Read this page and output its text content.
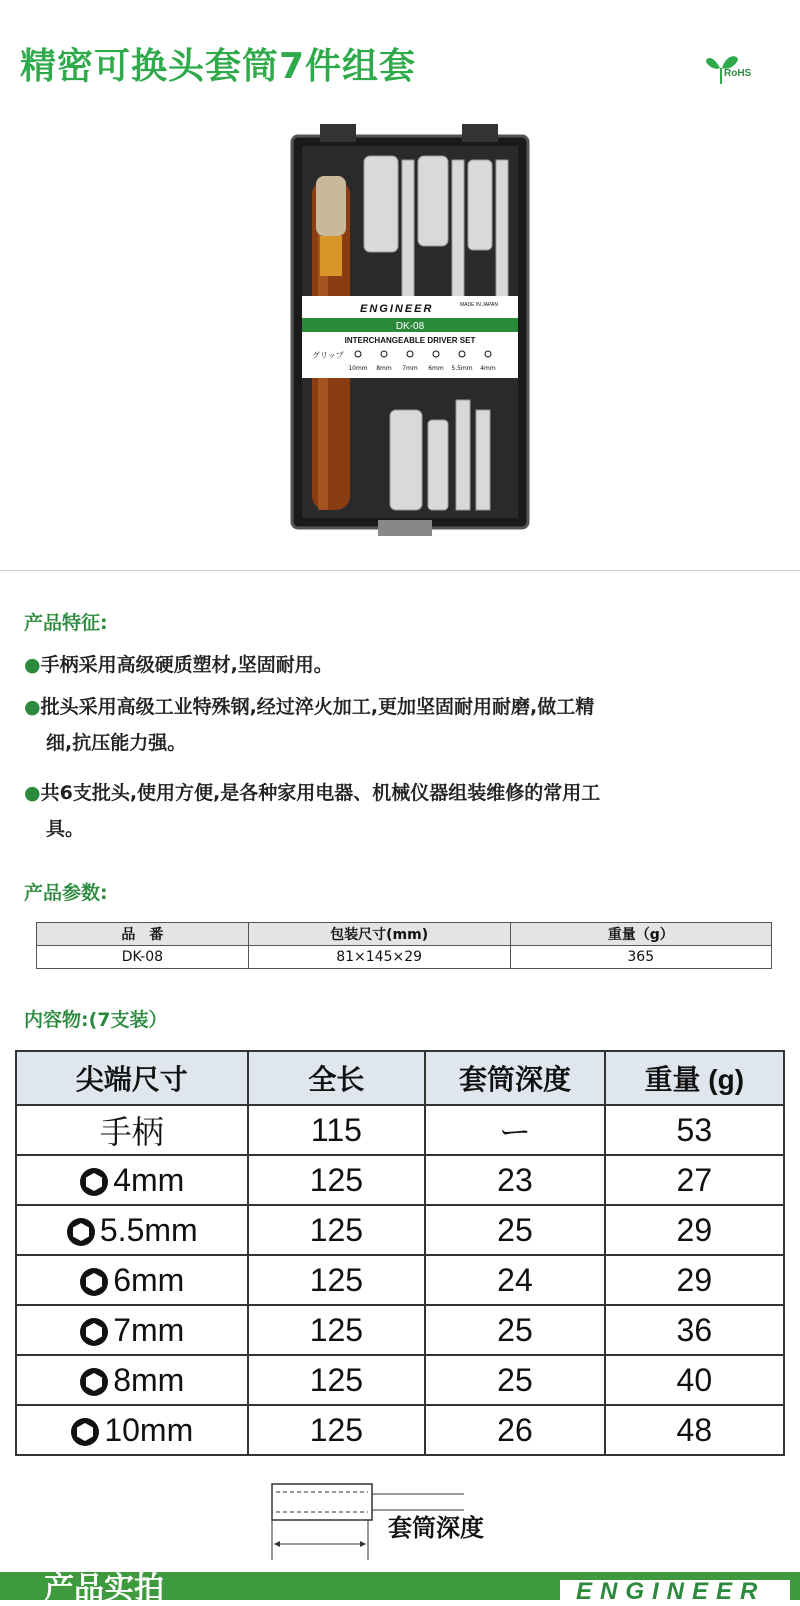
精密可换头套筒7件组套	RoHS
ENGINEER	MADE IN JAPAN
DK-08
INTERCHANGEABLE DRIVER SET
グリップ
10mm 8mm 7mm 6mm 5.5mm 4mm
产品特征:
●手柄采用高级硬质塑材,坚固耐用。
●批头采用高级工业特殊钢,经过淬火加工,更加坚固耐用耐磨,做工精
细,抗压能力强。
●共6支批头,使用方便,是各种家用电器、机械仪器组装维修的常用工
具。
产品参数:
品　番	包装尺寸(mm)	重量（g）
DK-08	81×145×29	365
内容物:(7支装）
尖端尺寸	全长	套筒深度	重量 (g)
手柄	115	ー	53
4mm	125	23	27
5.5mm	125	25	29
6mm	125	24	29
7mm	125	25	36
8mm	125	25	40
10mm	125	26	48
套筒深度
产品实拍	ENGINEER
